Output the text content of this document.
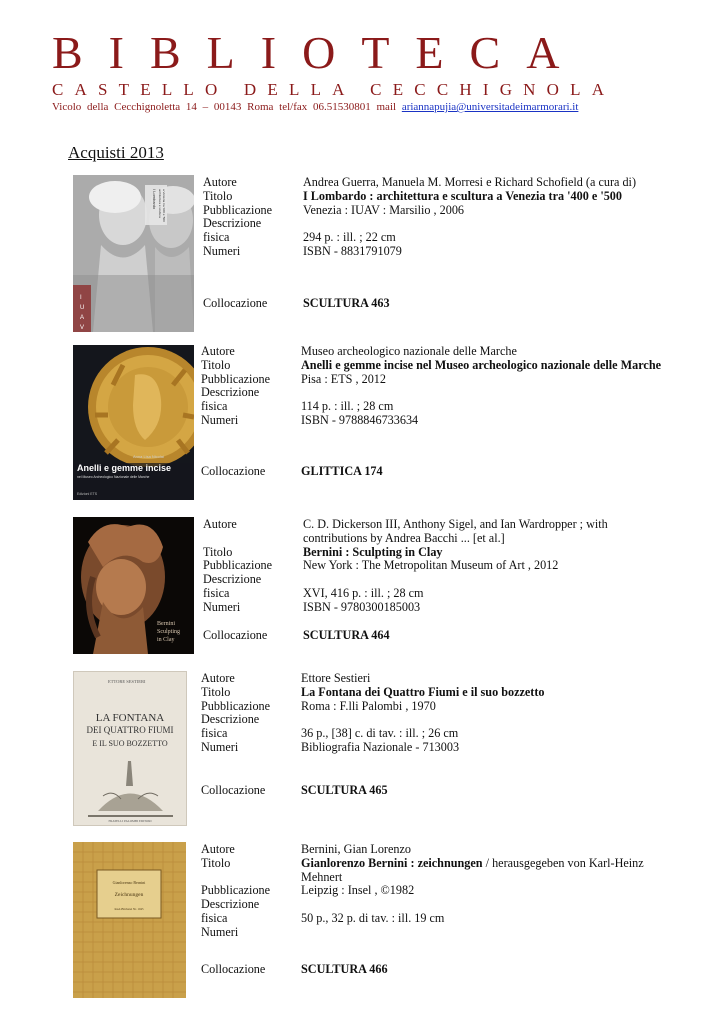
BIBLIOTECA
CASTELLO DELLA CECCHIGNOLA
Vicolo della Cecchignoletta 14 – 00143 Roma tel/fax 06.51530801 mail ariannapujia@universitadeimarmorari.it
Acquisti 2013
I Lombardo architettura e scultura a Venezia tra '400 e '500
I
U
A
V
Autore	Andrea Guerra, Manuela M. Morresi e Richard Schofield (a cura di)
Titolo	I Lombardo : architettura e scultura a Venezia tra '400 e '500
Pubblicazione	Venezia : IUAV : Marsilio , 2006
Descrizione
fisica	294 p. : ill. ; 22 cm
Numeri	ISBN - 8831791079
Collocazione	SCULTURA 463
Anna Lisa Nicolai
Anelli e gemme incise
nel Museo Archeologico Nazionale delle Marche
Edizioni ETS
Autore	Museo archeologico nazionale delle Marche
Titolo	Anelli e gemme incise nel Museo archeologico nazionale delle Marche
Pubblicazione	Pisa : ETS , 2012
Descrizione
fisica	114 p. : ill. ; 28 cm
Numeri	ISBN - 9788846733634
Collocazione	GLITTICA 174
Bernini
Sculpting
in Clay
Autore	C. D. Dickerson III, Anthony Sigel, and Ian Wardropper ; with contributions by Andrea Bacchi ... [et al.]
Titolo	Bernini : Sculpting in Clay
Pubblicazione	New York : The Metropolitan Museum of Art , 2012
Descrizione
fisica	XVI, 416 p. : ill. ; 28 cm
Numeri	ISBN - 9780300185003
Collocazione	SCULTURA 464
ETTORE SESTIERI
LA FONTANA
DEI QUATTRO FIUMI
E IL SUO BOZZETTO
FRATELLI PALOMBI EDITORI
Autore	Ettore Sestieri
Titolo	La Fontana dei Quattro Fiumi e il suo bozzetto
Pubblicazione	Roma : F.lli Palombi , 1970
Descrizione
fisica	36 p., [38] c. di tav. : ill. ; 26 cm
Numeri	Bibliografia Nazionale - 713003
Collocazione	SCULTURA 465
Gianlorenzo Bernini
Zeichnungen
Insel-Bücherei Nr. 1045
Autore	Bernini, Gian Lorenzo
Titolo	Gianlorenzo Bernini : zeichnungen / herausgegeben von Karl-Heinz Mehnert
Pubblicazione	Leipzig : Insel , ©1982
Descrizione
fisica	50 p., 32 p. di tav. : ill. 19 cm
Numeri
Collocazione	SCULTURA 466
